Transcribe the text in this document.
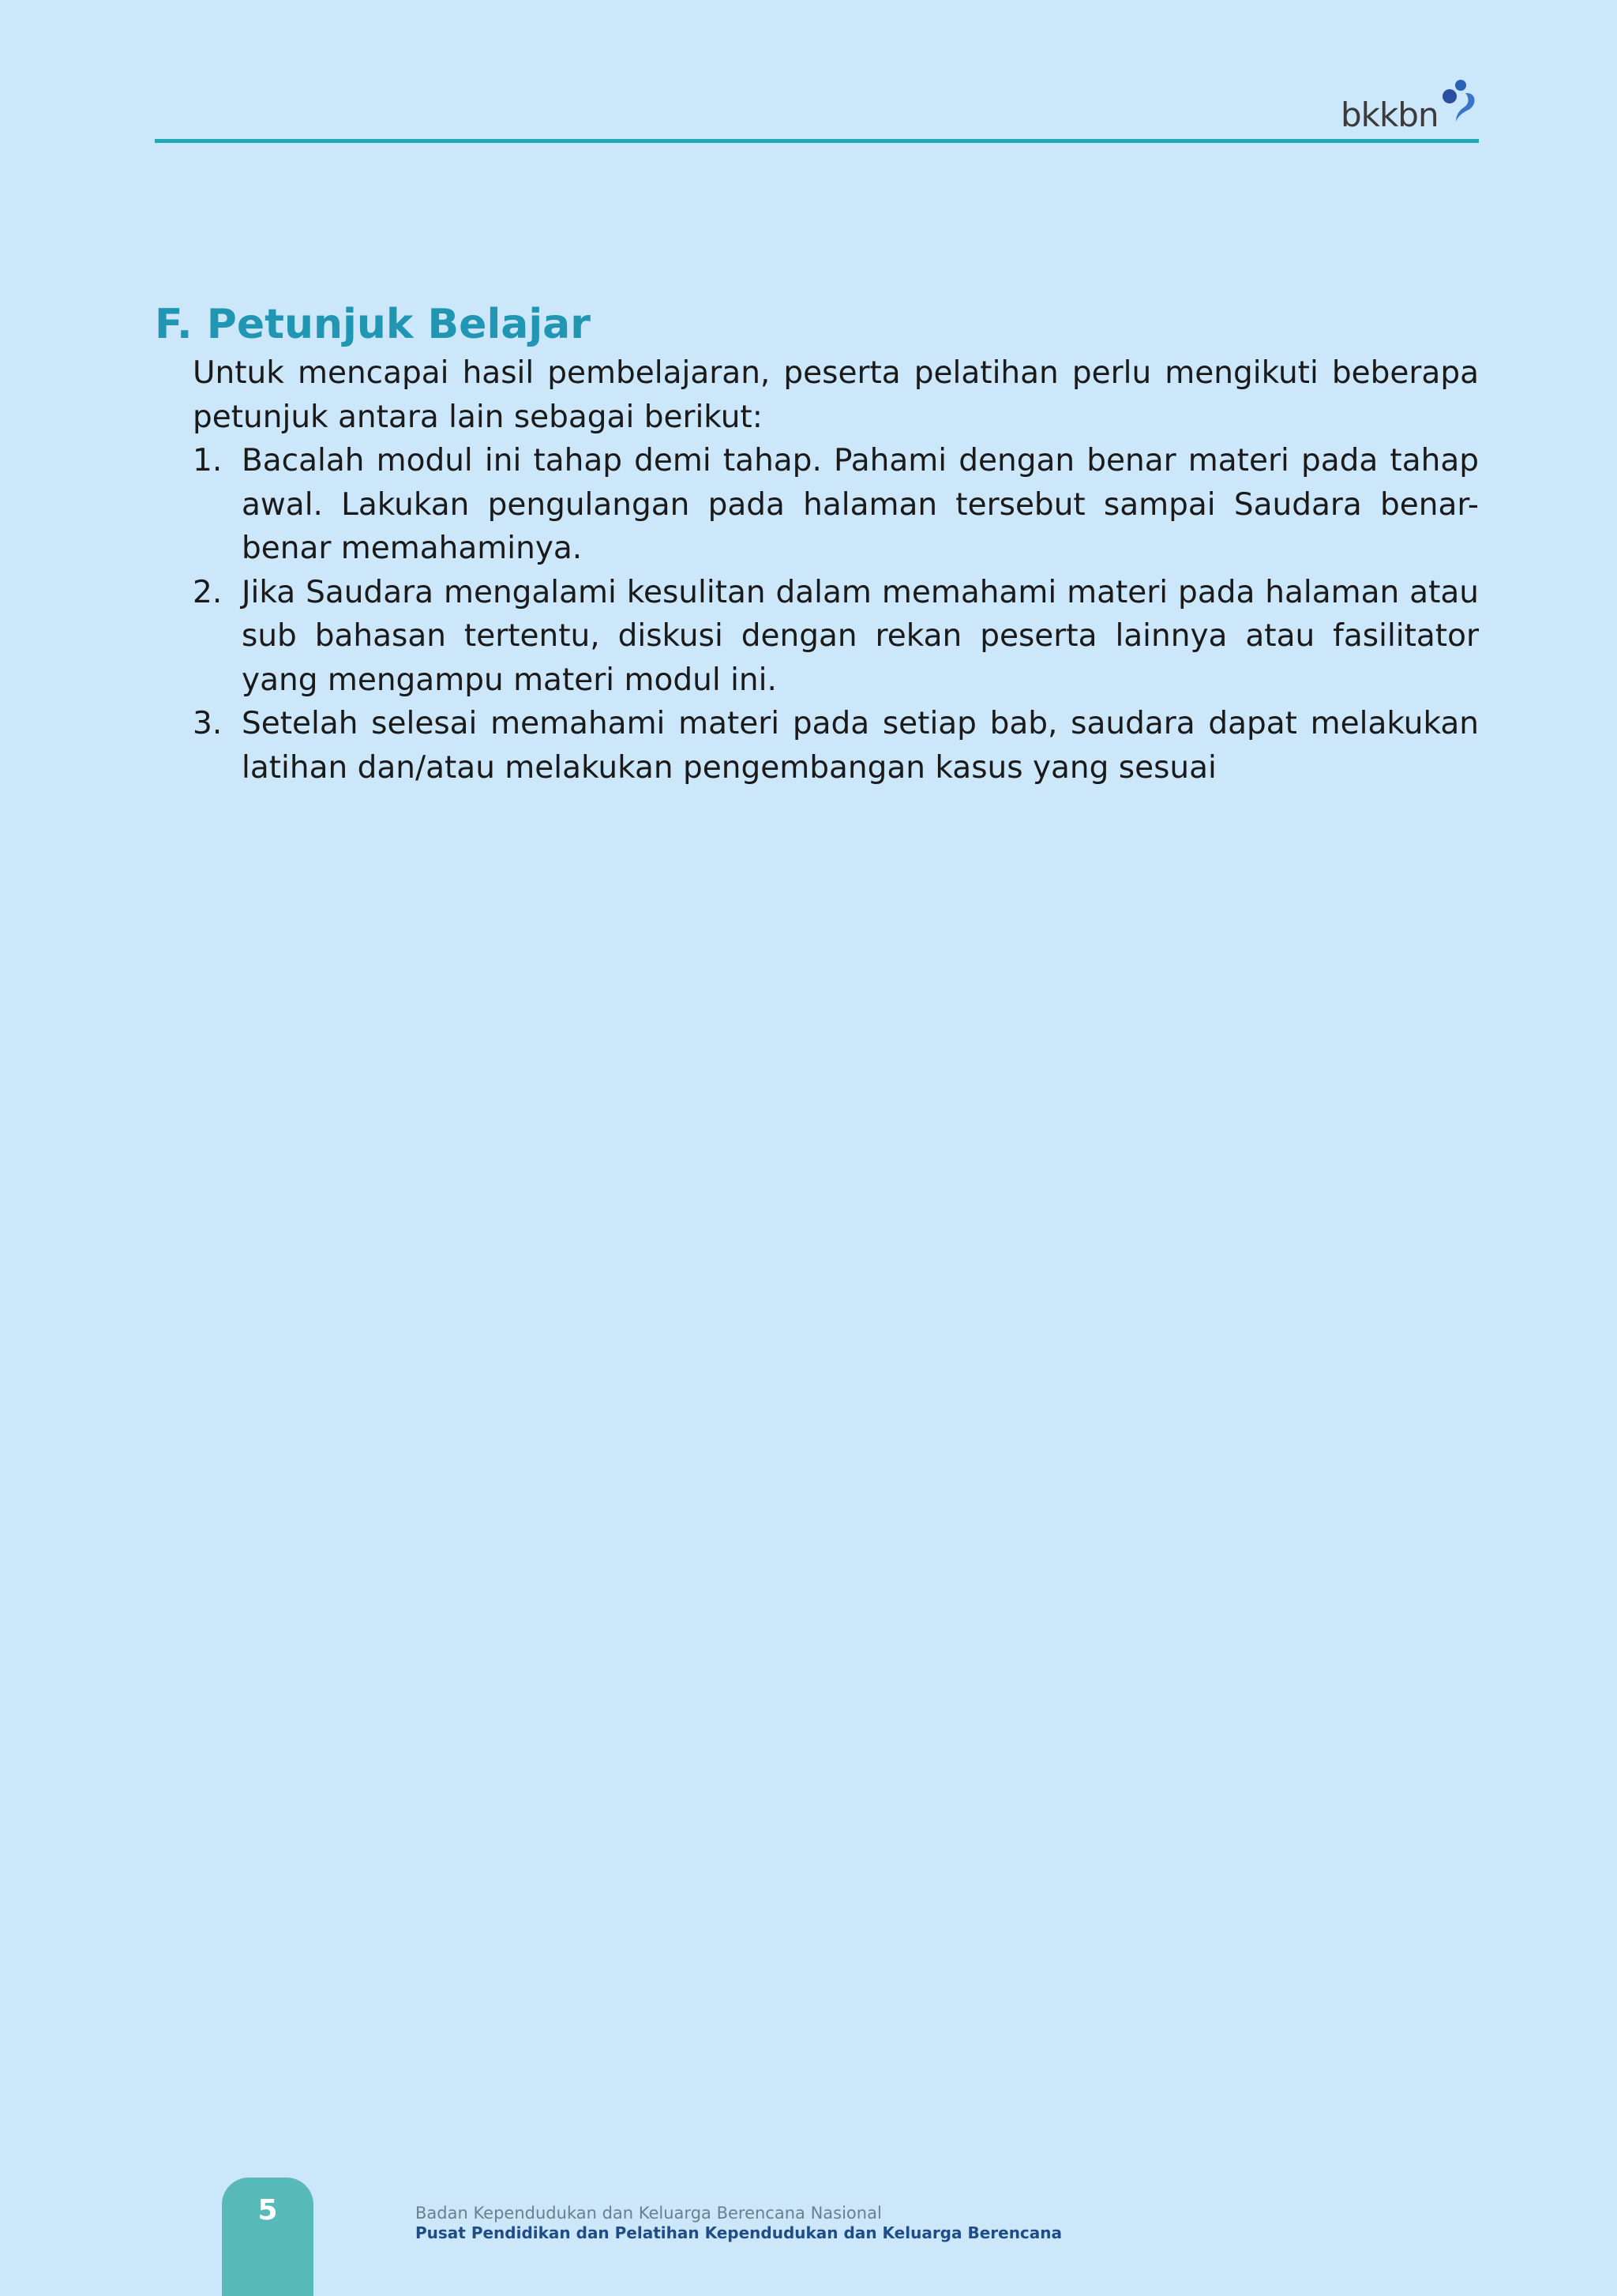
bkkbn
F. Petunjuk Belajar

Untuk mencapai hasil pembelajaran, peserta pelatihan perlu mengikuti beberapa petunjuk antara lain sebagai berikut:

1. Bacalah modul ini tahap demi tahap. Pahami dengan benar materi pada tahap awal. Lakukan pengulangan pada halaman tersebut sampai Saudara benar-benar memahaminya.
2. Jika Saudara mengalami kesulitan dalam memahami materi pada halaman atau sub bahasan tertentu, diskusi dengan rekan peserta lainnya atau fasilitator yang mengampu materi modul ini.
3. Setelah selesai memahami materi pada setiap bab, saudara dapat melakukan latihan dan/atau melakukan pengembangan kasus yang sesuai
5	Badan Kependudukan dan Keluarga Berencana Nasional
Pusat Pendidikan dan Pelatihan Kependudukan dan Keluarga Berencana
